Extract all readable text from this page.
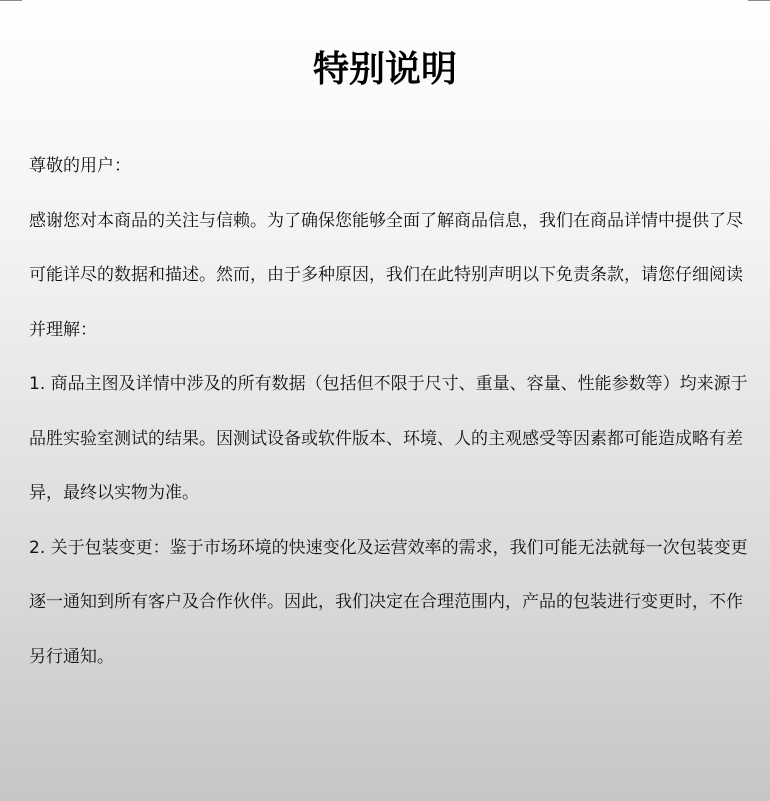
特别说明

尊敬的用户：

感谢您对本商品的关注与信赖。为了确保您能够全面了解商品信息，我们在商品详情中提供了尽可能详尽的数据和描述。然而，由于多种原因，我们在此特别声明以下免责条款，请您仔细阅读并理解：

1. 商品主图及详情中涉及的所有数据（包括但不限于尺寸、重量、容量、性能参数等）均来源于品胜实验室测试的结果。因测试设备或软件版本、环境、人的主观感受等因素都可能造成略有差异，最终以实物为准。

2. 关于包装变更：鉴于市场环境的快速变化及运营效率的需求，我们可能无法就每一次包装变更逐一通知到所有客户及合作伙伴。因此，我们决定在合理范围内，产品的包装进行变更时，不作另行通知。
